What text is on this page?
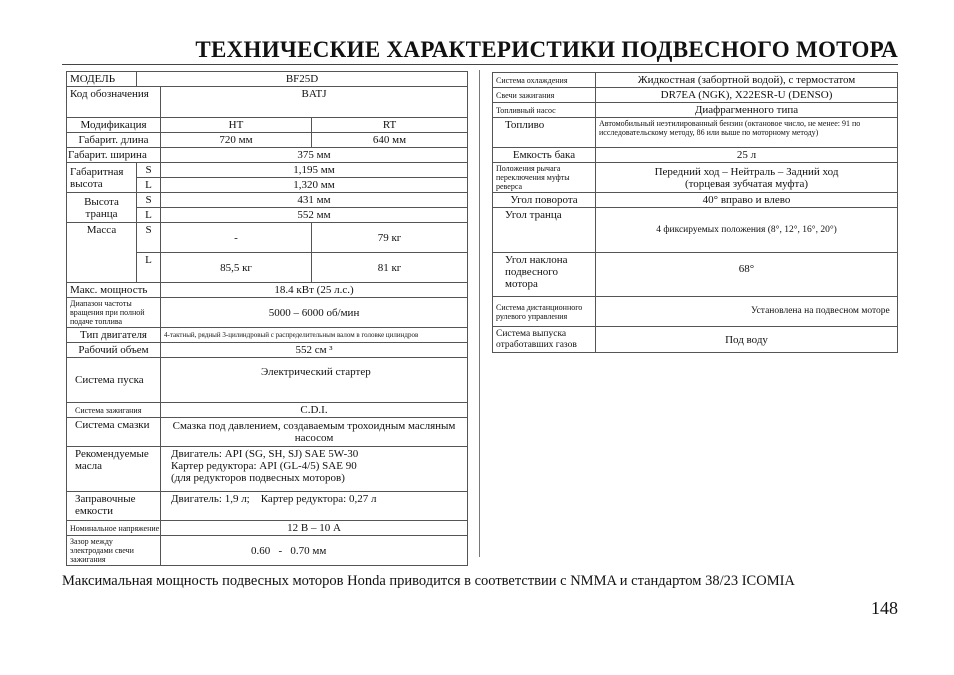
ТЕХНИЧЕСКИЕ ХАРАКТЕРИСТИКИ ПОДВЕСНОГО МОТОРА
МОДЕЛЬ	BF25D		
Код обозначения		BATJ	
Модификация		HT	RT
Габарит. длина		720 мм	640 мм
Габарит. ширина		375 мм	
Габаритная высота	S	1,195 мм	
	L	1,320 мм	
Высота транца	S	431 мм	
	L	552 мм	
Масса	S	-	79 кг
	L	85,5 кг	81 кг
Макс. мощность		18.4 кВт (25 л.с.)	
Диапазон частоты вращения при полной подаче топлива		5000 – 6000 об/мин	
Тип двигателя		4-тактный, рядный 3-цилиндровый с распределительным валом в головке цилиндров	
Рабочий объем		552 см ³	
Система пуска		Электрический стартер	
Система зажигания		C.D.I.	
Система смазки		Смазка под давлением, создаваемым трохоидным масляным насосом	
Рекомендуемые масла		Двигатель: API (SG, SH, SJ) SAE 5W-30
Картер редуктора: API (GL-4/5) SAE 90
(для редукторов подвесных моторов)	

Заправочные емкости		Двигатель: 1,9 л;    Картер редуктора: 0,27 л	
Номинальное напряжение		12 В – 10 А	
Зазор между электродами свечи зажигания		0.60   -   0.70 мм	
Система охлаждения	Жидкостная (забортной водой), с термостатом
Свечи зажигания	DR7EA (NGK), X22ESR-U (DENSO)
Топливный насос	Диафрагменного типа
Топливо	Автомобильный неэтилированный бензин (октановое число, не менее: 91 по исследовательскому методу, 86 или выше по моторному методу)
Емкость бака	25 л
Положения рычага переключения муфты реверса	Передний ход – Нейтраль – Задний ход
(торцевая зубчатая муфта)

Угол поворота	40° вправо и влево
Угол транца	4 фиксируемых положения (8°, 12°, 16°, 20°)
Угол наклона подвесного мотора	68°
Система дистанционного рулевого управления	Установлена на подвесном моторе
Система выпуска отработавших газов	Под воду
Максимальная мощность подвесных моторов Honda приводится в соответствии с NMMA и стандартом 38/23 ICOMIA
148
